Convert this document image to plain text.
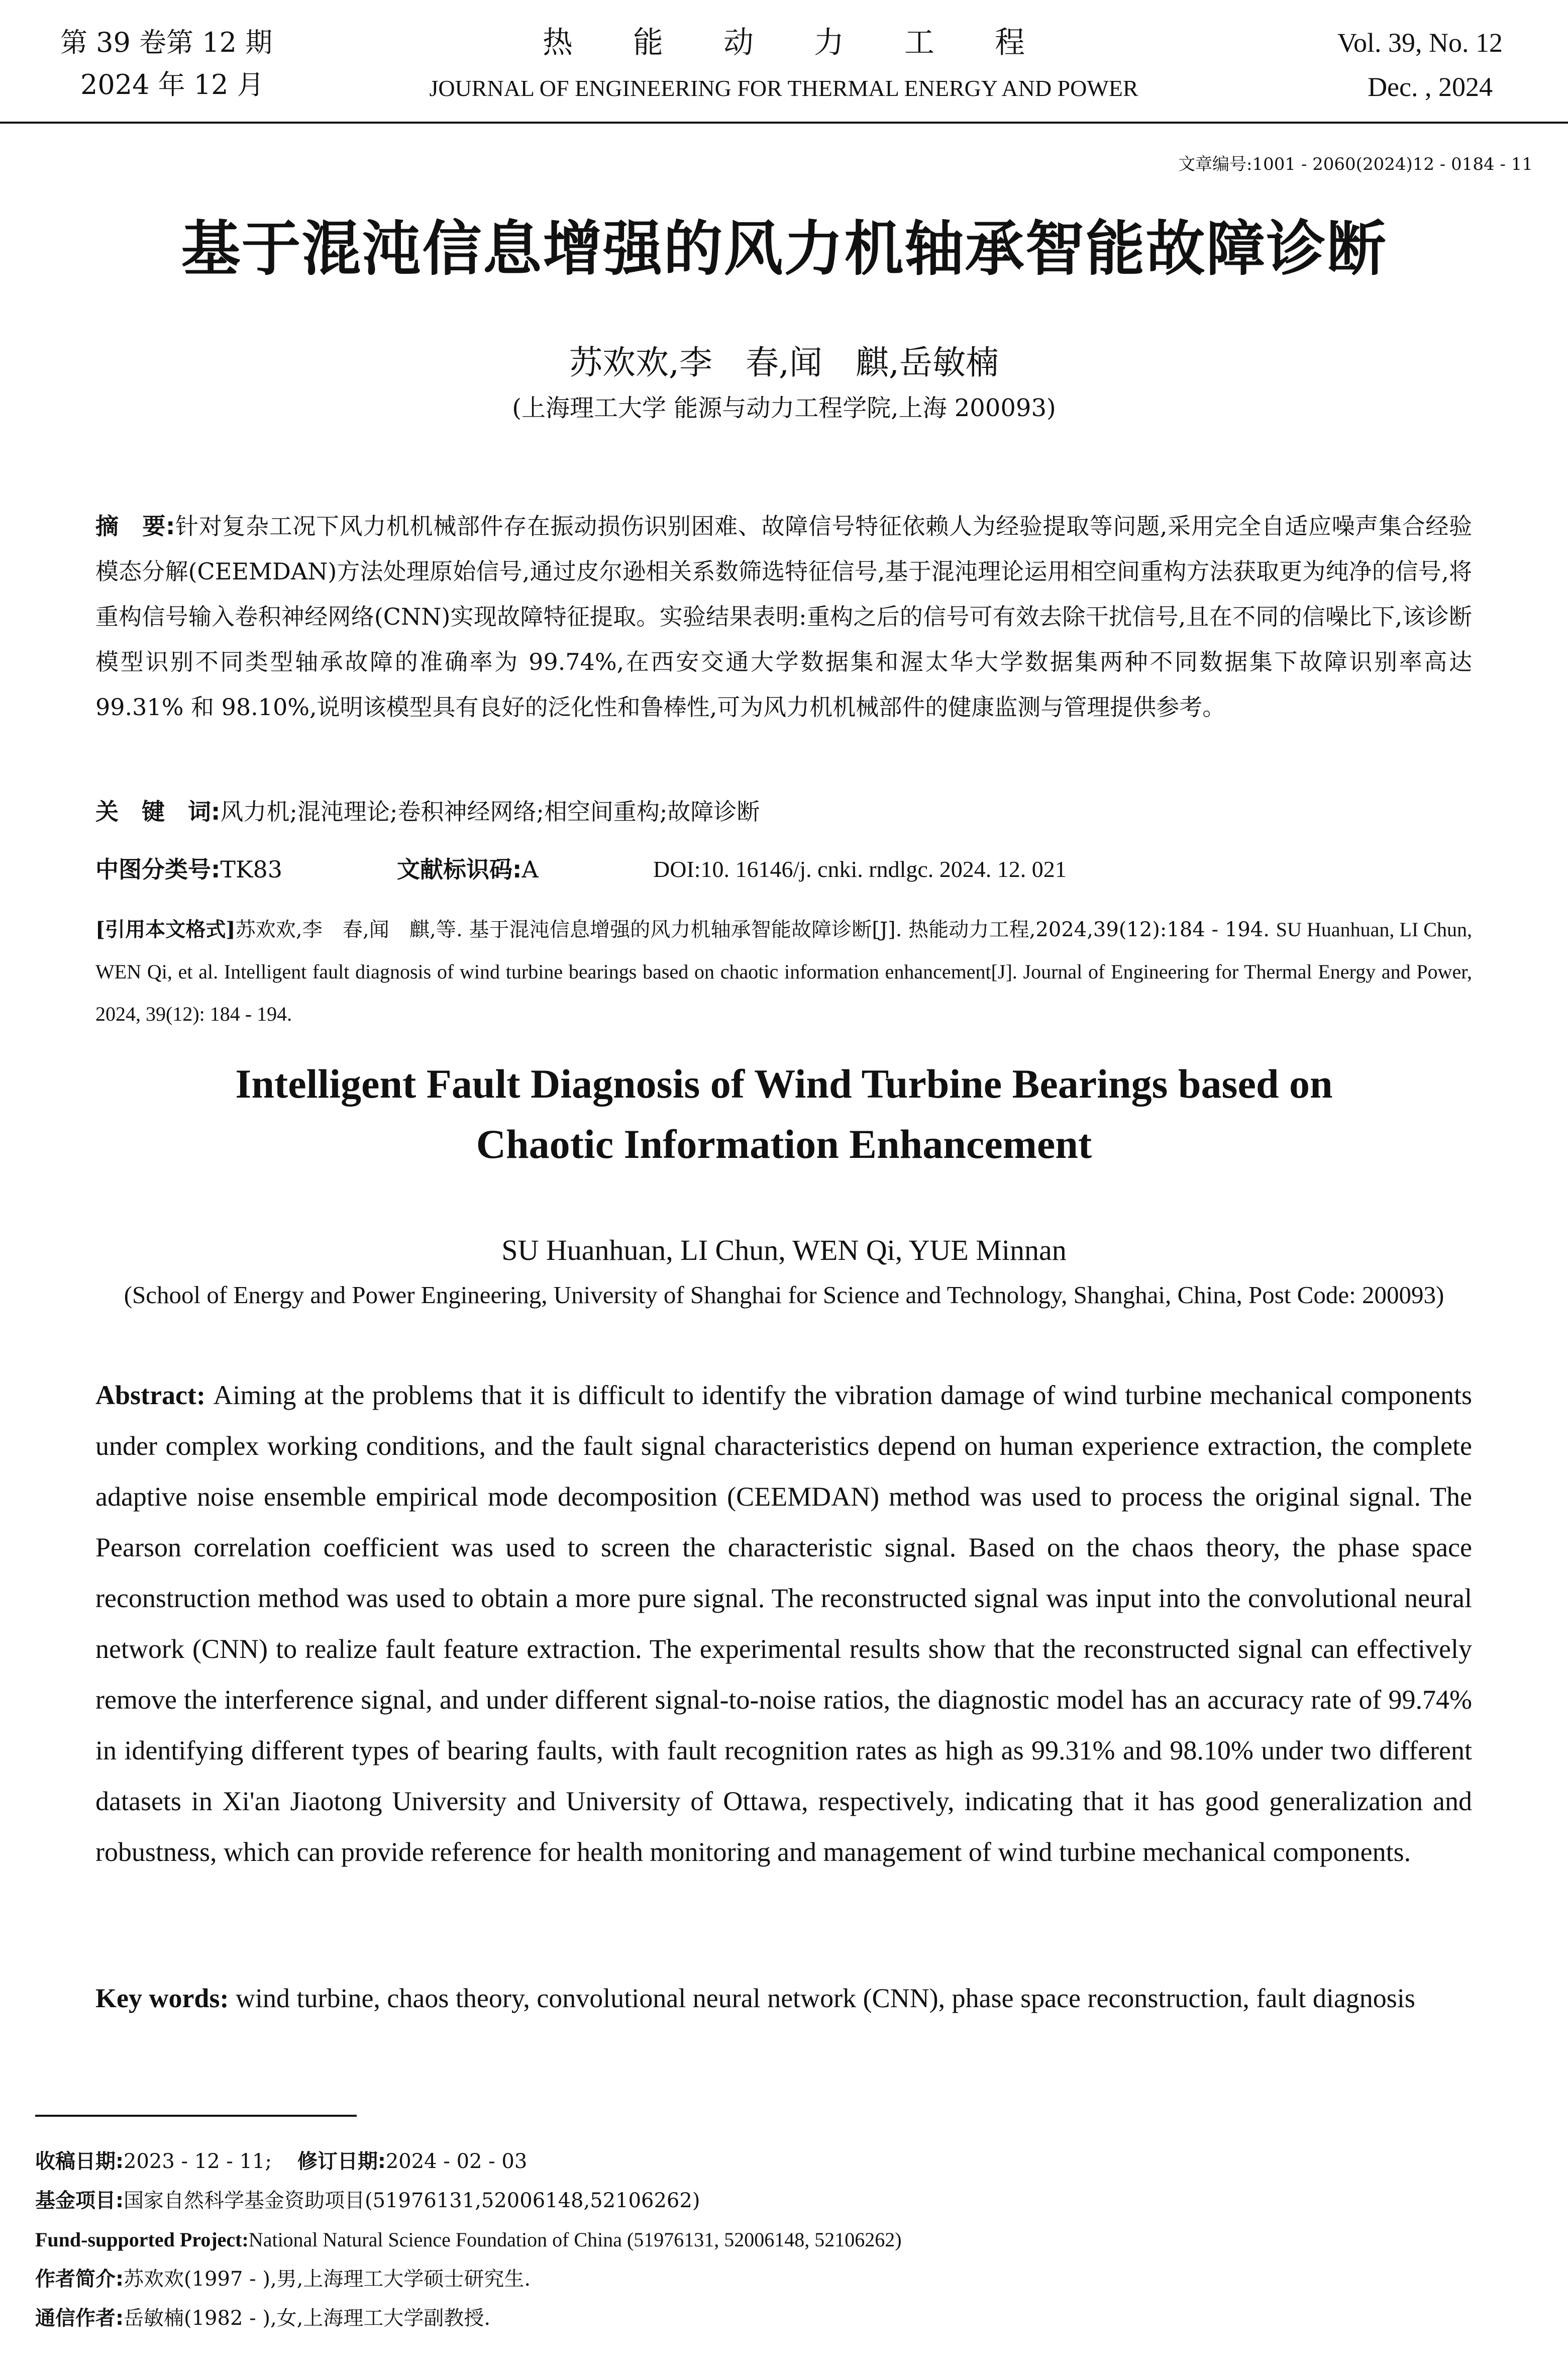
第 39 卷第 12 期
2024 年 12 月
热　　能　　动　　力　　工　　程
JOURNAL OF ENGINEERING FOR THERMAL ENERGY AND POWER
Vol. 39, No. 12
Dec. , 2024
文章编号:1001 - 2060(2024)12 - 0184 - 11
基于混沌信息增强的风力机轴承智能故障诊断
苏欢欢,李　春,闻　麒,岳敏楠
(上海理工大学 能源与动力工程学院,上海 200093)
摘　要:针对复杂工况下风力机机械部件存在振动损伤识别困难、故障信号特征依赖人为经验提取等问题,采用完全自适应噪声集合经验模态分解(CEEMDAN)方法处理原始信号,通过皮尔逊相关系数筛选特征信号,基于混沌理论运用相空间重构方法获取更为纯净的信号,将重构信号输入卷积神经网络(CNN)实现故障特征提取。实验结果表明:重构之后的信号可有效去除干扰信号,且在不同的信噪比下,该诊断模型识别不同类型轴承故障的准确率为 99.74%,在西安交通大学数据集和渥太华大学数据集两种不同数据集下故障识别率高达 99.31% 和 98.10%,说明该模型具有良好的泛化性和鲁棒性,可为风力机机械部件的健康监测与管理提供参考。
关　键　词:风力机;混沌理论;卷积神经网络;相空间重构;故障诊断
中图分类号:TK83	文献标识码:A	DOI:10. 16146/j. cnki. rndlgc. 2024. 12. 021
[引用本文格式]苏欢欢,李　春,闻　麒,等. 基于混沌信息增强的风力机轴承智能故障诊断[J]. 热能动力工程,2024,39(12):184 - 194. SU Huanhuan, LI Chun, WEN Qi, et al. Intelligent fault diagnosis of wind turbine bearings based on chaotic information enhancement[J]. Journal of Engineering for Thermal Energy and Power, 2024, 39(12): 184 - 194.
Intelligent Fault Diagnosis of Wind Turbine Bearings based on
Chaotic Information Enhancement
SU Huanhuan, LI Chun, WEN Qi, YUE Minnan
(School of Energy and Power Engineering, University of Shanghai for Science and Technology, Shanghai, China, Post Code: 200093)
Abstract: Aiming at the problems that it is difficult to identify the vibration damage of wind turbine mechanical components under complex working conditions, and the fault signal characteristics depend on human experience extraction, the complete adaptive noise ensemble empirical mode decomposition (CEEMDAN) method was used to process the original signal. The Pearson correlation coefficient was used to screen the characteristic signal. Based on the chaos theory, the phase space reconstruction method was used to obtain a more pure signal. The reconstructed signal was input into the convolutional neural network (CNN) to realize fault feature extraction. The experimental results show that the reconstructed signal can effectively remove the interference signal, and under different signal-to-noise ratios, the diagnostic model has an accuracy rate of 99.74% in identifying different types of bearing faults, with fault recognition rates as high as 99.31% and 98.10% under two different datasets in Xi'an Jiaotong University and University of Ottawa, respectively, indicating that it has good generalization and robustness, which can provide reference for health monitoring and management of wind turbine mechanical components.
Key words: wind turbine, chaos theory, convolutional neural network (CNN), phase space reconstruction, fault diagnosis
收稿日期:2023 - 12 - 11; 修订日期:2024 - 02 - 03
基金项目:国家自然科学基金资助项目(51976131,52006148,52106262)
Fund-supported Project:National Natural Science Foundation of China (51976131, 52006148, 52106262)
作者简介:苏欢欢(1997 - ),男,上海理工大学硕士研究生.
通信作者:岳敏楠(1982 - ),女,上海理工大学副教授.
